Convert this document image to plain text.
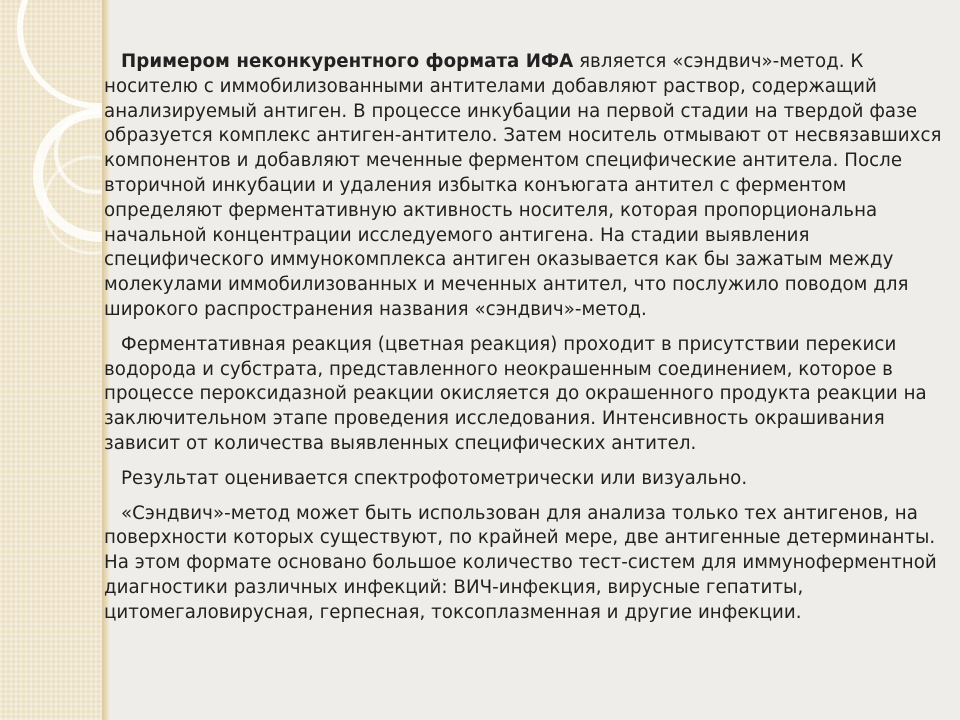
Примером неконкурентного формата ИФА является «сэндвич»-метод. К носителю с иммобилизованными антителами добавляют раствор, содержащий анализируемый антиген. В процессе инкубации на первой стадии на твердой фазе образуется комплекс антиген-антитело. Затем носитель отмывают от несвязавшихся компонентов и добавляют меченные ферментом специфические антитела. После вторичной инкубации и удаления избытка конъюгата антител с ферментом определяют ферментативную активность носителя, которая пропорциональна начальной концентрации исследуемого антигена. На стадии выявления специфического иммунокомплекса антиген оказывается как бы зажатым между молекулами иммобилизованных и меченных антител, что послужило поводом для широкого распространения названия «сэндвич»-метод.

Ферментативная реакция (цветная реакция) проходит в присутствии перекиси водорода и субстрата, представленного неокрашенным соединением, которое в процессе пероксидазной реакции окисляется до окрашенного продукта реакции на заключительном этапе проведения исследования. Интенсивность окрашивания зависит от количества выявленных специфических антител.

Результат оценивается спектрофотометрически или визуально.

«Сэндвич»-метод может быть использован для анализа только тех антигенов, на поверхности которых существуют, по крайней мере, две антигенные детерминанты. На этом формате основано большое количество тест-систем для иммуноферментной диагностики различных инфекций: ВИЧ-инфекция, вирусные гепатиты, цитомегаловирусная, герпесная, токсоплазменная и другие инфекции.
